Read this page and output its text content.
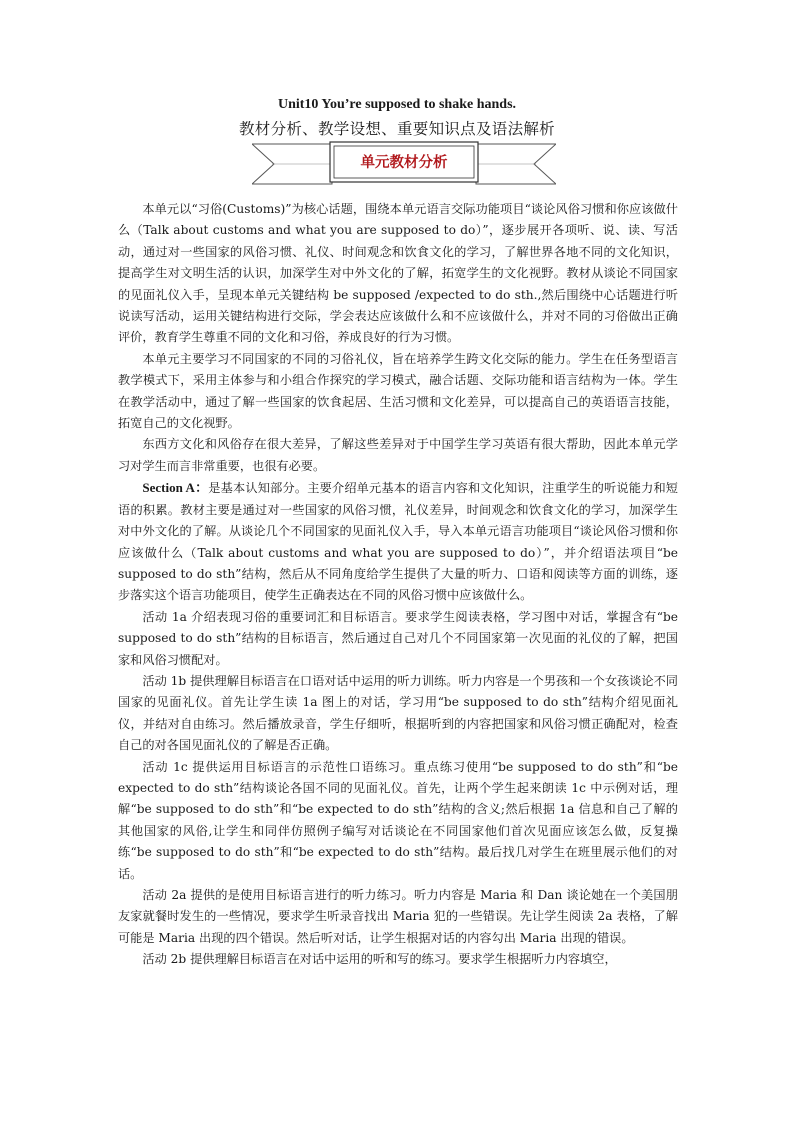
Unit10 You’re supposed to shake hands.
教材分析、教学设想、重要知识点及语法解析
单元教材分析

本单元以“习俗(Customs)”为核心话题，围绕本单元语言交际功能项目“谈论风俗习惯和你应该做什么（Talk about customs and what you are supposed to do）”，逐步展开各项听、说、读、写活动，通过对一些国家的风俗习惯、礼仪、时间观念和饮食文化的学习，了解世界各地不同的文化知识，提高学生对文明生活的认识，加深学生对中外文化的了解，拓宽学生的文化视野。教材从谈论不同国家的见面礼仪入手，呈现本单元关键结构 be supposed /expected to do sth.,然后围绕中心话题进行听说读写活动，运用关键结构进行交际，学会表达应该做什么和不应该做什么，并对不同的习俗做出正确评价，教育学生尊重不同的文化和习俗，养成良好的行为习惯。

本单元主要学习不同国家的不同的习俗礼仪，旨在培养学生跨文化交际的能力。学生在任务型语言教学模式下，采用主体参与和小组合作探究的学习模式，融合话题、交际功能和语言结构为一体。学生在教学活动中，通过了解一些国家的饮食起居、生活习惯和文化差异，可以提高自己的英语语言技能，拓宽自己的文化视野。

东西方文化和风俗存在很大差异，了解这些差异对于中国学生学习英语有很大帮助，因此本单元学习对学生而言非常重要，也很有必要。

Section A：是基本认知部分。主要介绍单元基本的语言内容和文化知识，注重学生的听说能力和短语的积累。教材主要是通过对一些国家的风俗习惯，礼仪差异，时间观念和饮食文化的学习，加深学生对中外文化的了解。从谈论几个不同国家的见面礼仪入手，导入本单元语言功能项目“谈论风俗习惯和你应该做什么（Talk about customs and what you are supposed to do）”，并介绍语法项目“be supposed to do sth”结构，然后从不同角度给学生提供了大量的听力、口语和阅读等方面的训练，逐步落实这个语言功能项目，使学生正确表达在不同的风俗习惯中应该做什么。

活动 1a 介绍表现习俗的重要词汇和目标语言。要求学生阅读表格，学习图中对话，掌握含有“be supposed to do sth”结构的目标语言，然后通过自己对几个不同国家第一次见面的礼仪的了解，把国家和风俗习惯配对。

活动 1b 提供理解目标语言在口语对话中运用的听力训练。听力内容是一个男孩和一个女孩谈论不同国家的见面礼仪。首先让学生读 1a 图上的对话，学习用“be supposed to do sth”结构介绍见面礼仪，并结对自由练习。然后播放录音，学生仔细听，根据听到的内容把国家和风俗习惯正确配对，检查自己的对各国见面礼仪的了解是否正确。

活动 1c 提供运用目标语言的示范性口语练习。重点练习使用“be supposed to do sth”和“be expected to do sth”结构谈论各国不同的见面礼仪。首先，让两个学生起来朗读 1c 中示例对话，理解“be supposed to do sth”和“be expected to do sth”结构的含义;然后根据 1a 信息和自己了解的其他国家的风俗,让学生和同伴仿照例子编写对话谈论在不同国家他们首次见面应该怎么做，反复操练“be supposed to do sth”和“be expected to do sth”结构。最后找几对学生在班里展示他们的对话。

活动 2a 提供的是使用目标语言进行的听力练习。听力内容是 Maria 和 Dan 谈论她在一个美国朋友家就餐时发生的一些情况，要求学生听录音找出 Maria 犯的一些错误。先让学生阅读 2a 表格，了解可能是 Maria 出现的四个错误。然后听对话，让学生根据对话的内容勾出 Maria 出现的错误。

活动 2b 提供理解目标语言在对话中运用的听和写的练习。要求学生根据听力内容填空，
